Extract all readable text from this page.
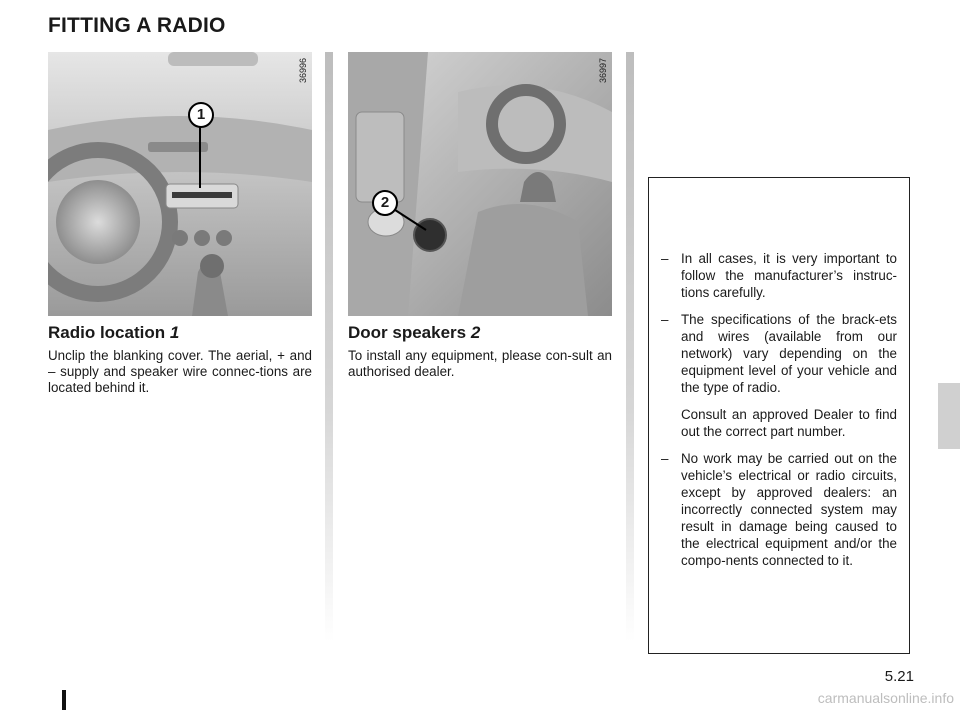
FITTING A RADIO
1
36996
2
36997
Radio location 1
Unclip the blanking cover. The aerial, + and – supply and speaker wire connec-tions are located behind it.
Door speakers 2
To install any equipment, please con-sult an authorised dealer.
– In all cases, it is very important to follow the manufacturer’s instruc-tions carefully.

– The specifications of the brack-ets and wires (available from our network) vary depending on the equipment level of your vehicle and the type of radio.

Consult an approved Dealer to find out the correct part number.

– No work may be carried out on the vehicle’s electrical or radio circuits, except by approved dealers: an incorrectly connected system may result in damage being caused to the electrical equipment and/or the compo-nents connected to it.

5.21
carmanualsonline.info
